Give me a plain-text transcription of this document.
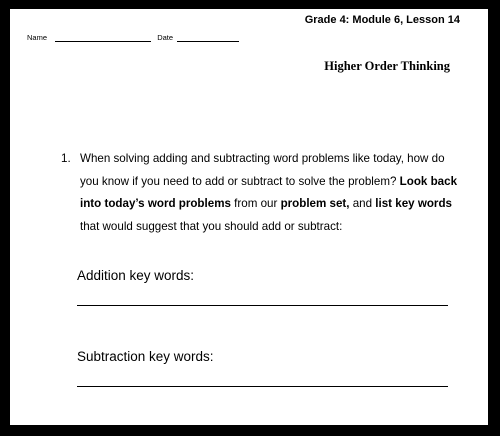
Grade 4: Module 6, Lesson 14
Name	Date
Higher Order Thinking
1. When solving adding and subtracting word problems like today, how do you know if you need to add or subtract to solve the problem? Look back into today’s word problems from our problem set, and list key words that would suggest that you should add or subtract:
Addition key words:
Subtraction key words:
